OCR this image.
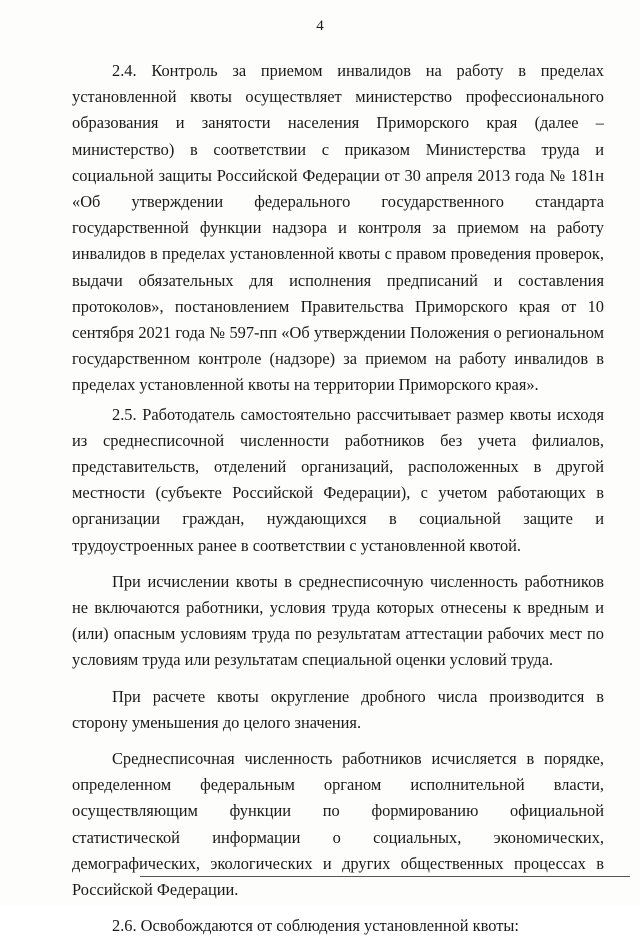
4

2.4. Контроль за приемом инвалидов на работу в пределах установленной квоты осуществляет министерство профессионального образования и занятости населения Приморского края (далее – министерство) в соответствии с приказом Министерства труда и социальной защиты Российской Федерации от 30 апреля 2013 года № 181н «Об утверждении федерального государственного стандарта государственной функции надзора и контроля за приемом на работу инвалидов в пределах установленной квоты с правом проведения проверок, выдачи обязательных для исполнения предписаний и составления протоколов», постановлением Правительства Приморского края от 10 сентября 2021 года № 597-пп «Об утверждении Положения о региональном государственном контроле (надзоре) за приемом на работу инвалидов в пределах установленной квоты на территории Приморского края».

2.5. Работодатель самостоятельно рассчитывает размер квоты исходя из среднесписочной численности работников без учета филиалов, представительств, отделений организаций, расположенных в другой местности (субъекте Российской Федерации), с учетом работающих в организации граждан, нуждающихся в социальной защите и трудоустроенных ранее в соответствии с установленной квотой.

При исчислении квоты в среднесписочную численность работников не включаются работники, условия труда которых отнесены к вредным и (или) опасным условиям труда по результатам аттестации рабочих мест по условиям труда или результатам специальной оценки условий труда.

При расчете квоты округление дробного числа производится в сторону уменьшения до целого значения.

Среднесписочная численность работников исчисляется в порядке, определенном федеральным органом исполнительной власти, осуществляющим функции по формированию официальной статистической информации о социальных, экономических, демографических, экологических и других общественных процессах в Российской Федерации.

2.6. Освобождаются от соблюдения установленной квоты:
